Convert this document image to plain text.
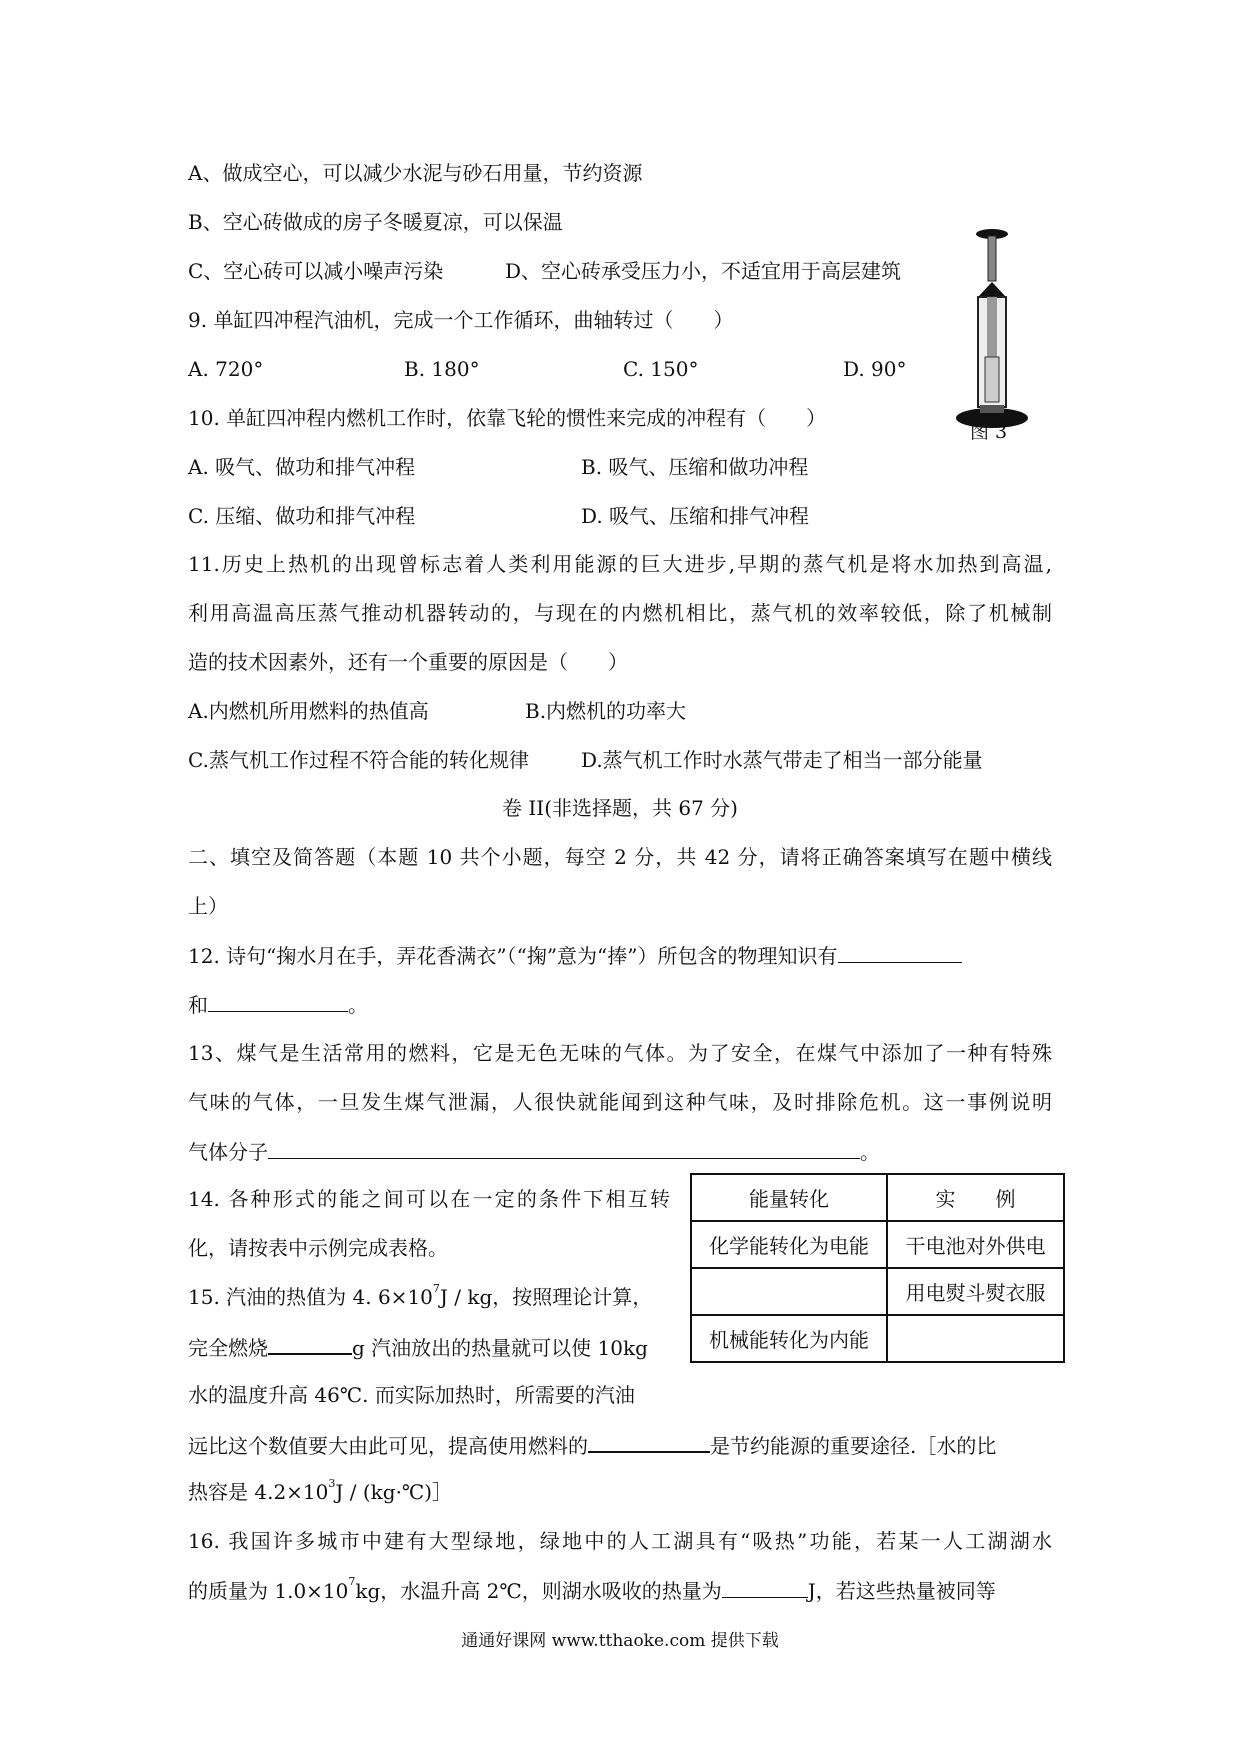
A、做成空心，可以减少水泥与砂石用量，节约资源
B、空心砖做成的房子冬暖夏凉，可以保温
C、空心砖可以减小噪声污染	D、空心砖承受压力小，不适宜用于高层建筑
9. 单缸四冲程汽油机，完成一个工作循环，曲轴转过（　　）
A. 720°	B. 180°	C. 150°	D. 90°
图 3
10. 单缸四冲程内燃机工作时，依靠飞轮的惯性来完成的冲程有（　　）
A. 吸气、做功和排气冲程	B. 吸气、压缩和做功冲程
C. 压缩、做功和排气冲程	D. 吸气、压缩和排气冲程
11.历史上热机的出现曾标志着人类利用能源的巨大进步,早期的蒸气机是将水加热到高温,
利用高温高压蒸气推动机器转动的，与现在的内燃机相比，蒸气机的效率较低，除了机械制
造的技术因素外，还有一个重要的原因是（　　）
A.内燃机所用燃料的热值高	B.内燃机的功率大
C.蒸气机工作过程不符合能的转化规律	D.蒸气机工作时水蒸气带走了相当一部分能量
卷 II(非选择题，共 67 分)
二、填空及简答题（本题 10 共个小题，每空 2 分，共 42 分，请将正确答案填写在题中横线
上）
12. 诗句“掬水月在手，弄花香满衣”（“掬”意为“捧”）所包含的物理知识有
和	。
13、煤气是生活常用的燃料，它是无色无味的气体。为了安全，在煤气中添加了一种有特殊
气味的气体，一旦发生煤气泄漏，人很快就能闻到这种气味，及时排除危机。这一事例说明
气体分子	。
14. 各种形式的能之间可以在一定的条件下相互转
化，请按表中示例完成表格。
能量转化	实　　例
化学能转化为电能	干电池对外供电
	用电熨斗熨衣服
机械能转化为内能	
15. 汽油的热值为 4. $6\times 10^7J$ / kg，按照理论计算，
完全燃烧	g 汽油放出的热量就可以使 10kg
水的温度升高 46℃. 而实际加热时，所需要的汽油
远比这个数值要大由此可见，提高使用燃料的	是节约能源的重要途径.［水的比
热容是 $4.2\times 10^3J$ / (kg·℃)］
16. 我国许多城市中建有大型绿地，绿地中的人工湖具有“吸热”功能，若某一人工湖湖水
的质量为 $1.0\times 10^7kg$，水温升高 2℃，则湖水吸收的热量为	J，若这些热量被同等
通通好课网 www.tthaoke.com 提供下载
